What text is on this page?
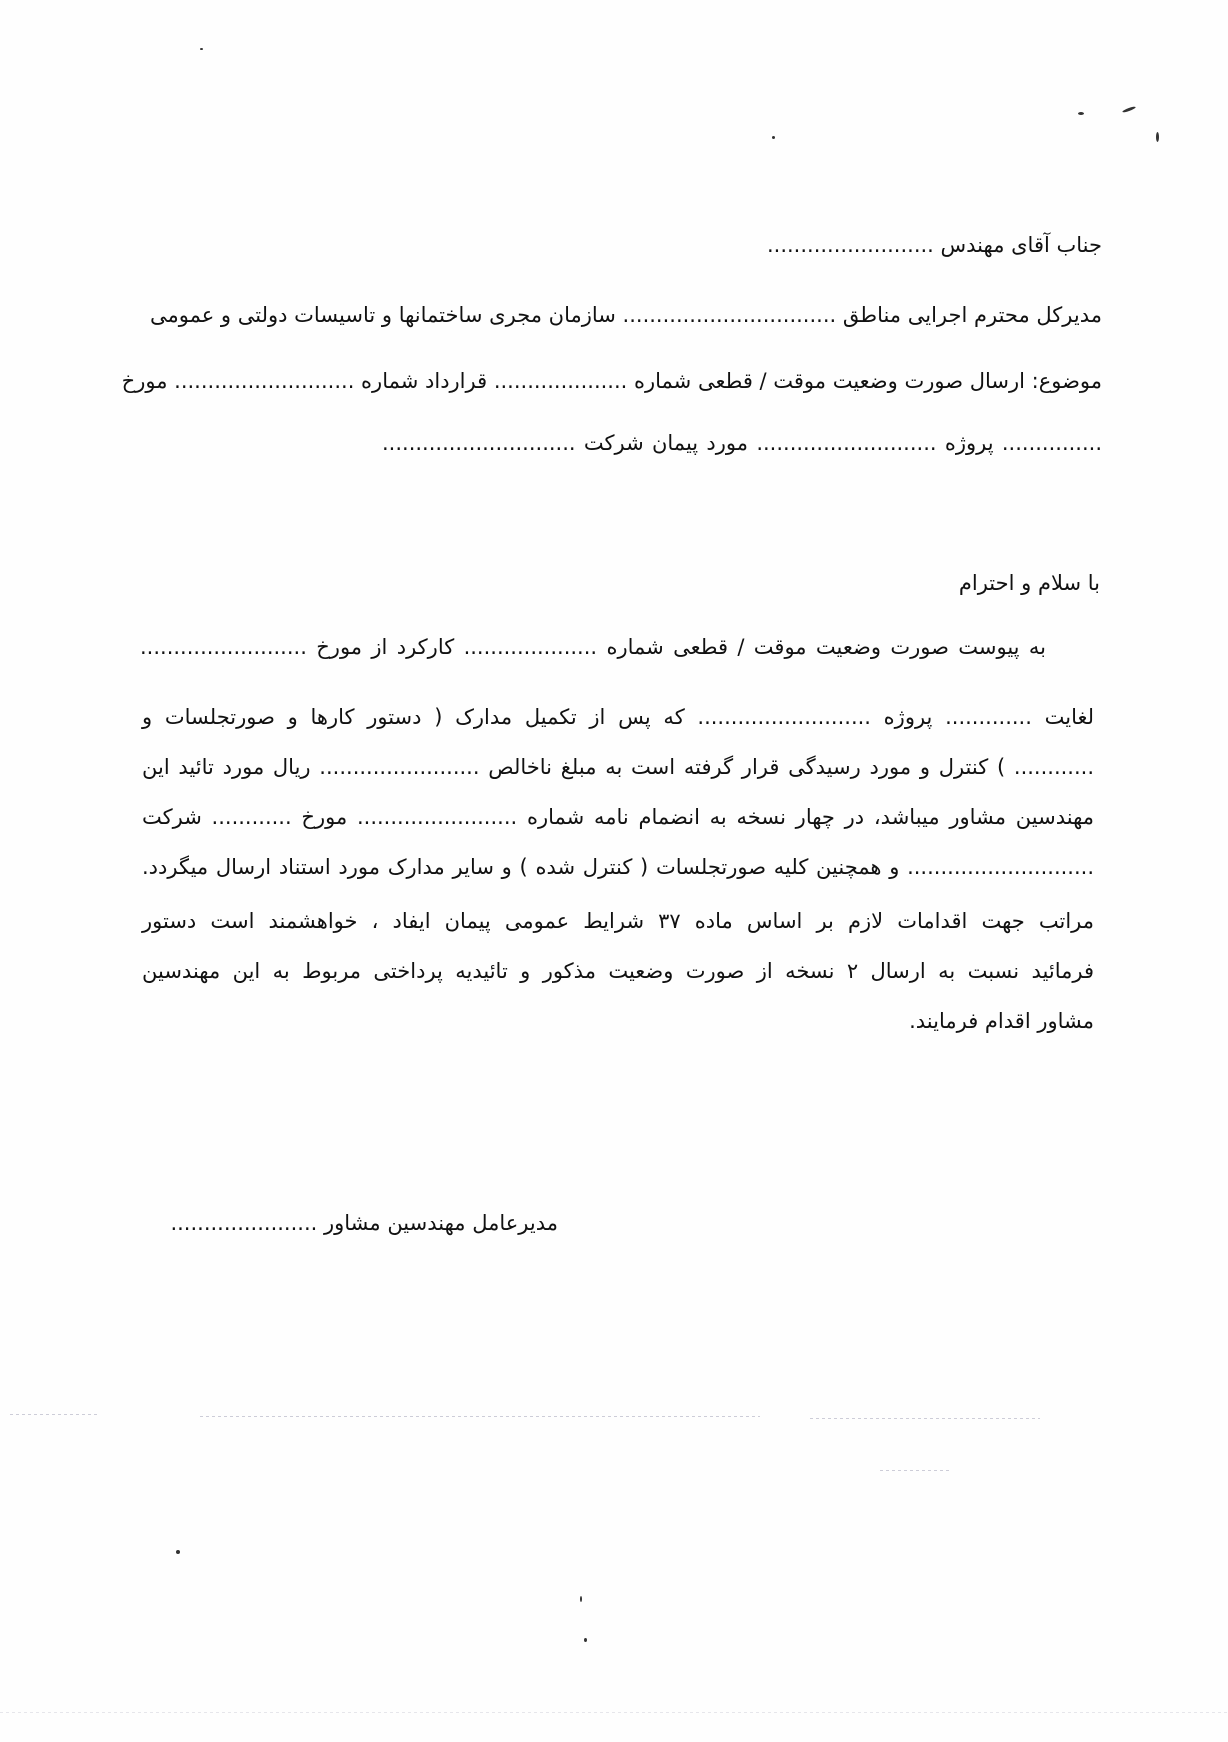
جناب آقای مهندس .........................
مدیرکل محترم اجرایی مناطق ................................ سازمان مجری ساختمانها و تاسیسات دولتی و عمومی
موضوع: ارسال صورت وضعیت موقت / قطعی شماره .................... قرارداد شماره ........................... مورخ
............... پروژه ........................... مورد پیمان شرکت .............................
با سلام و احترام
به پیوست صورت وضعیت موقت / قطعی شماره .................... کارکرد از مورخ .........................
لغایت ............. پروژه .......................... که پس از تکمیل مدارک ( دستور کارها و صورتجلسات و
............ ) کنترل و مورد رسیدگی قرار گرفته است به مبلغ ناخالص ........................ ریال مورد تائید این
مهندسین مشاور میباشد، در چهار نسخه به انضمام نامه شماره ........................ مورخ ............ شرکت
............................ و همچنین کلیه صورتجلسات ( کنترل شده ) و سایر مدارک مورد استناد ارسال میگردد.
مراتب جهت اقدامات لازم بر اساس ماده ۳۷ شرایط عمومی پیمان ایفاد ، خواهشمند است دستور
فرمائید نسبت به ارسال ۲ نسخه از صورت وضعیت مذکور و تائیدیه پرداختی مربوط به این مهندسین
مشاور اقدام فرمایند.
مدیرعامل مهندسین مشاور ......................
